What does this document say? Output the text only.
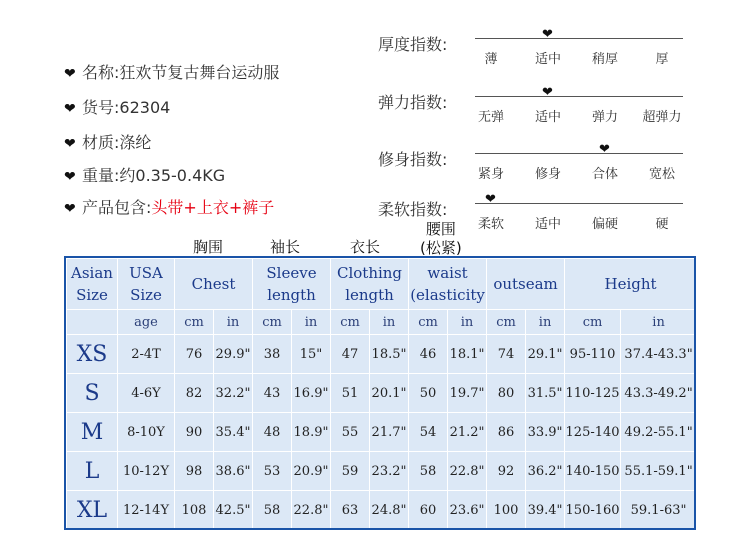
❤ 名称:狂欢节复古舞台运动服
❤ 货号:62304
❤ 材质:涤纶
❤ 重量:约0.35-0.4KG
❤ 产品包含:头带+上衣+裤子
厚度指数:
❤
薄	适中 稍厚	厚
弹力指数:
❤
无弹 适中 弹力 超弹力
修身指数:
❤
紧身 修身 合体 宽松
柔软指数:
❤
柔软 适中 偏硬	硬
胸围	袖长	衣长
腰围
(松紧)
Asian Size	USA Size	Chest		Sleeve length		Clothing length		waist (elasticity		outseam		Height	
	age	cm	in	cm	in	cm	in	cm	in	cm	in	cm	in
XS	2-4T	76	29.9"	38	15"	47	18.5"	46	18.1"	74	29.1"	95-110	37.4-43.3"
S	4-6Y	82	32.2"	43	16.9"	51	20.1"	50	19.7"	80	31.5"	110-125	43.3-49.2"
M	8-10Y	90	35.4"	48	18.9"	55	21.7"	54	21.2"	86	33.9"	125-140	49.2-55.1"
L	10-12Y	98	38.6"	53	20.9"	59	23.2"	58	22.8"	92	36.2"	140-150	55.1-59.1"
XL	12-14Y	108	42.5"	58	22.8"	63	24.8"	60	23.6"	100	39.4"	150-160	59.1-63"
